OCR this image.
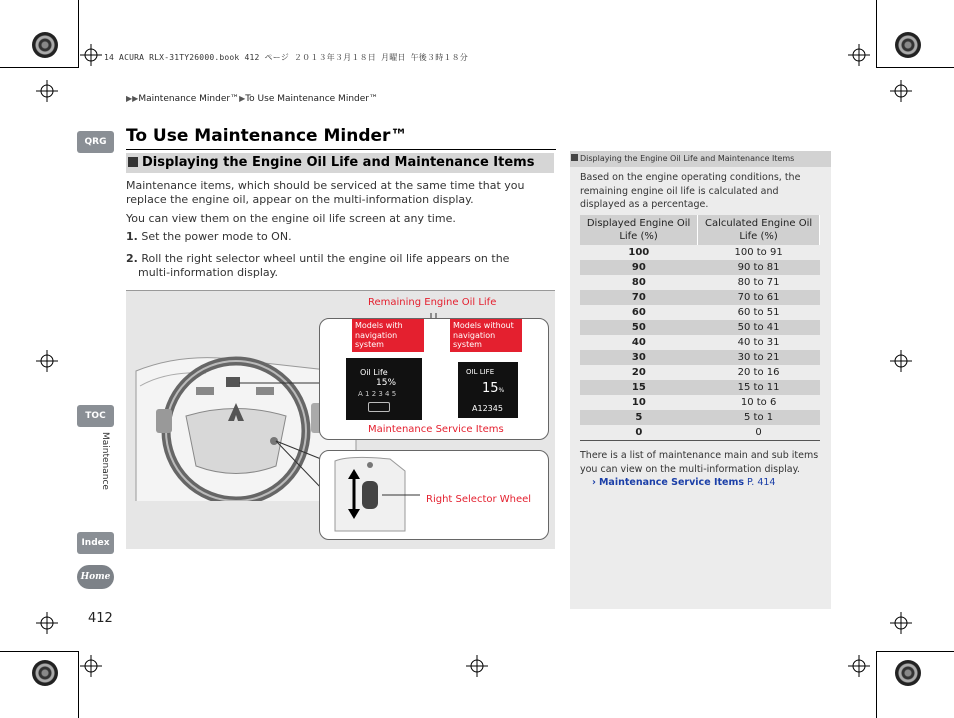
14 ACURA RLX-31TY26000.book 412 ページ ２０１３年３月１８日 月曜日 午後３時１８分
▶▶Maintenance Minder™▶To Use Maintenance Minder™
QRG
TOC
Maintenance
Index
Home
412
To Use Maintenance Minder™
Displaying the Engine Oil Life and Maintenance Items
Maintenance items, which should be serviced at the same time that you replace the engine oil, appear on the multi-information display.
You can view them on the engine oil life screen at any time.
1. Set the power mode to ON.
2. Roll the right selector wheel until the engine oil life appears on the multi-information display.
Models with navigation system
Models without navigation system
Oil Life
15%
A 1 2 3 4 5
OIL LIFE
15%
A12345
Remaining Engine Oil Life
Maintenance Service Items
Right Selector Wheel
Displaying the Engine Oil Life and Maintenance Items
Based on the engine operating conditions, the remaining engine oil life is calculated and displayed as a percentage.
Displayed Engine Oil Life (%)	Calculated Engine Oil Life (%)
100	100 to 91
90	90 to 81
80	80 to 71
70	70 to 61
60	60 to 51
50	50 to 41
40	40 to 31
30	30 to 21
20	20 to 16
15	15 to 11
10	10 to 6
5	5 to 1
0	0
There is a list of maintenance main and sub items you can view on the multi-information display.
› Maintenance Service Items P. 414
